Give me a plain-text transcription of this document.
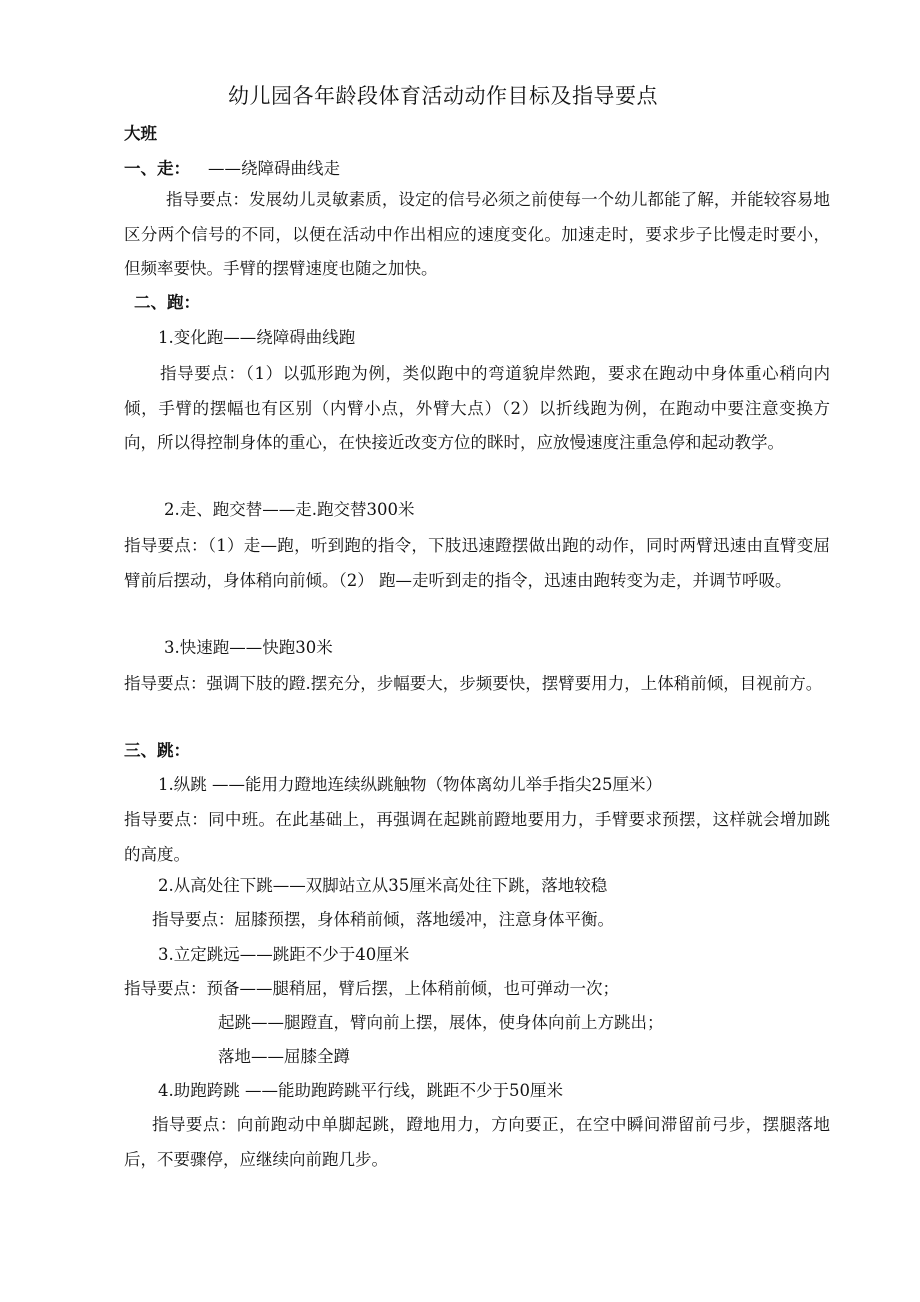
幼儿园各年龄段体育活动动作目标及指导要点
大班
一、走： ——绕障碍曲线走

指导要点：发展幼儿灵敏素质，设定的信号必须之前使每一个幼儿都能了解，并能较容易地区分两个信号的不同，以便在活动中作出相应的速度变化。加速走时，要求步子比慢走时要小，但频率要快。手臂的摆臂速度也随之加快。

二、跑：
1.变化跑——绕障碍曲线跑

指导要点：（1）以弧形跑为例，类似跑中的弯道貌岸然跑，要求在跑动中身体重心稍向内倾，手臂的摆幅也有区别（内臂小点，外臂大点）（2）以折线跑为例，在跑动中要注意变换方向，所以得控制身体的重心，在快接近改变方位的眯时，应放慢速度注重急停和起动教学。

2.走、跑交替——走.跑交替300米

指导要点：（1）走—跑，听到跑的指令，下肢迅速蹬摆做出跑的动作，同时两臂迅速由直臂变屈臂前后摆动，身体稍向前倾。（2） 跑—走听到走的指令，迅速由跑转变为走，并调节呼吸。

3.快速跑——快跑30米

指导要点：强调下肢的蹬.摆充分，步幅要大，步频要快，摆臂要用力，上体稍前倾，目视前方。

三、跳：
1.纵跳 ——能用力蹬地连续纵跳触物（物体离幼儿举手指尖25厘米）

指导要点：同中班。在此基础上，再强调在起跳前蹬地要用力，手臂要求预摆，这样就会增加跳的高度。

2.从高处往下跳——双脚站立从35厘米高处往下跳，落地较稳
指导要点：屈膝预摆，身体稍前倾，落地缓冲，注意身体平衡。
3.立定跳远——跳距不少于40厘米
指导要点：预备——腿稍屈，臂后摆，上体稍前倾，也可弹动一次；
起跳——腿蹬直，臂向前上摆，展体，使身体向前上方跳出；
落地——屈膝全蹲
4.助跑跨跳 ——能助跑跨跳平行线，跳距不少于50厘米

指导要点：向前跑动中单脚起跳，蹬地用力，方向要正，在空中瞬间滞留前弓步，摆腿落地后，不要骤停，应继续向前跑几步。
